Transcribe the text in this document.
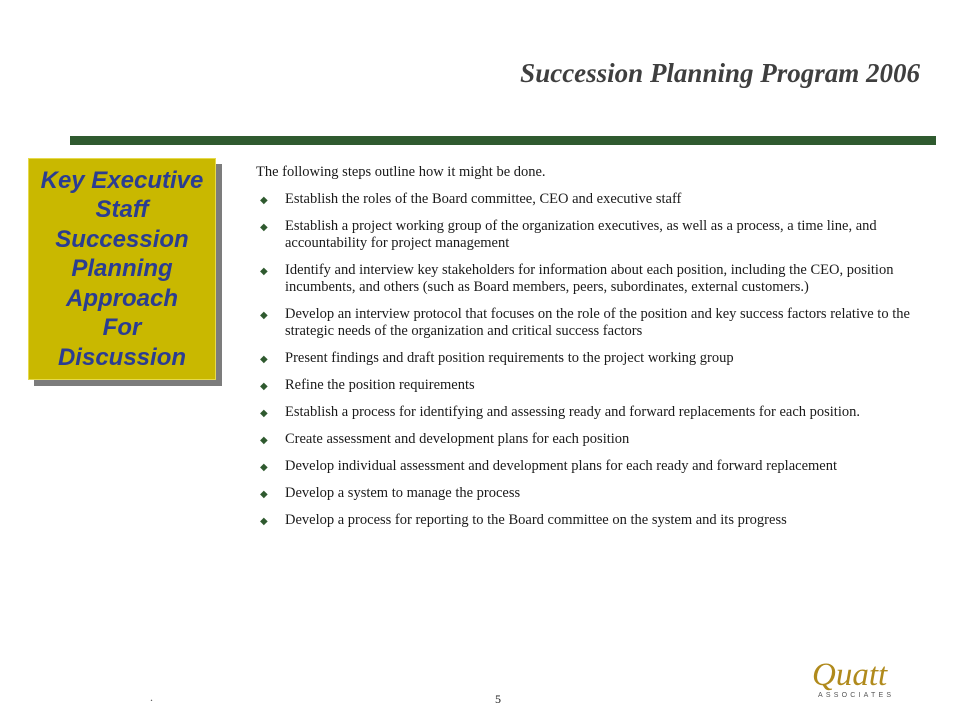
Succession Planning Program 2006
Key Executive
Staff
Succession
Planning
Approach
For
Discussion

The following steps outline how it might be done.

◆ Establish the roles of the Board committee, CEO and executive staff
◆ Establish a project working group of the organization executives, as well as a process, a time line, and accountability for project management
◆ Identify and interview key stakeholders for information about each position, including the CEO, position incumbents, and others (such as Board members, peers, subordinates, external customers.)
◆ Develop an interview protocol that focuses on the role of the position and key success factors relative to the strategic needs of the organization and critical success factors
◆ Present findings and draft position requirements to the project working group
◆ Refine the position requirements
◆ Establish a process for identifying and assessing ready and forward replacements for each position.
◆ Create assessment and development plans for each position
◆ Develop individual assessment and development plans for each ready and forward replacement
◆ Develop a system to manage the process
◆ Develop a process for reporting to the Board committee on the system and its progress
.	5
Quatt
ASSOCIATES
